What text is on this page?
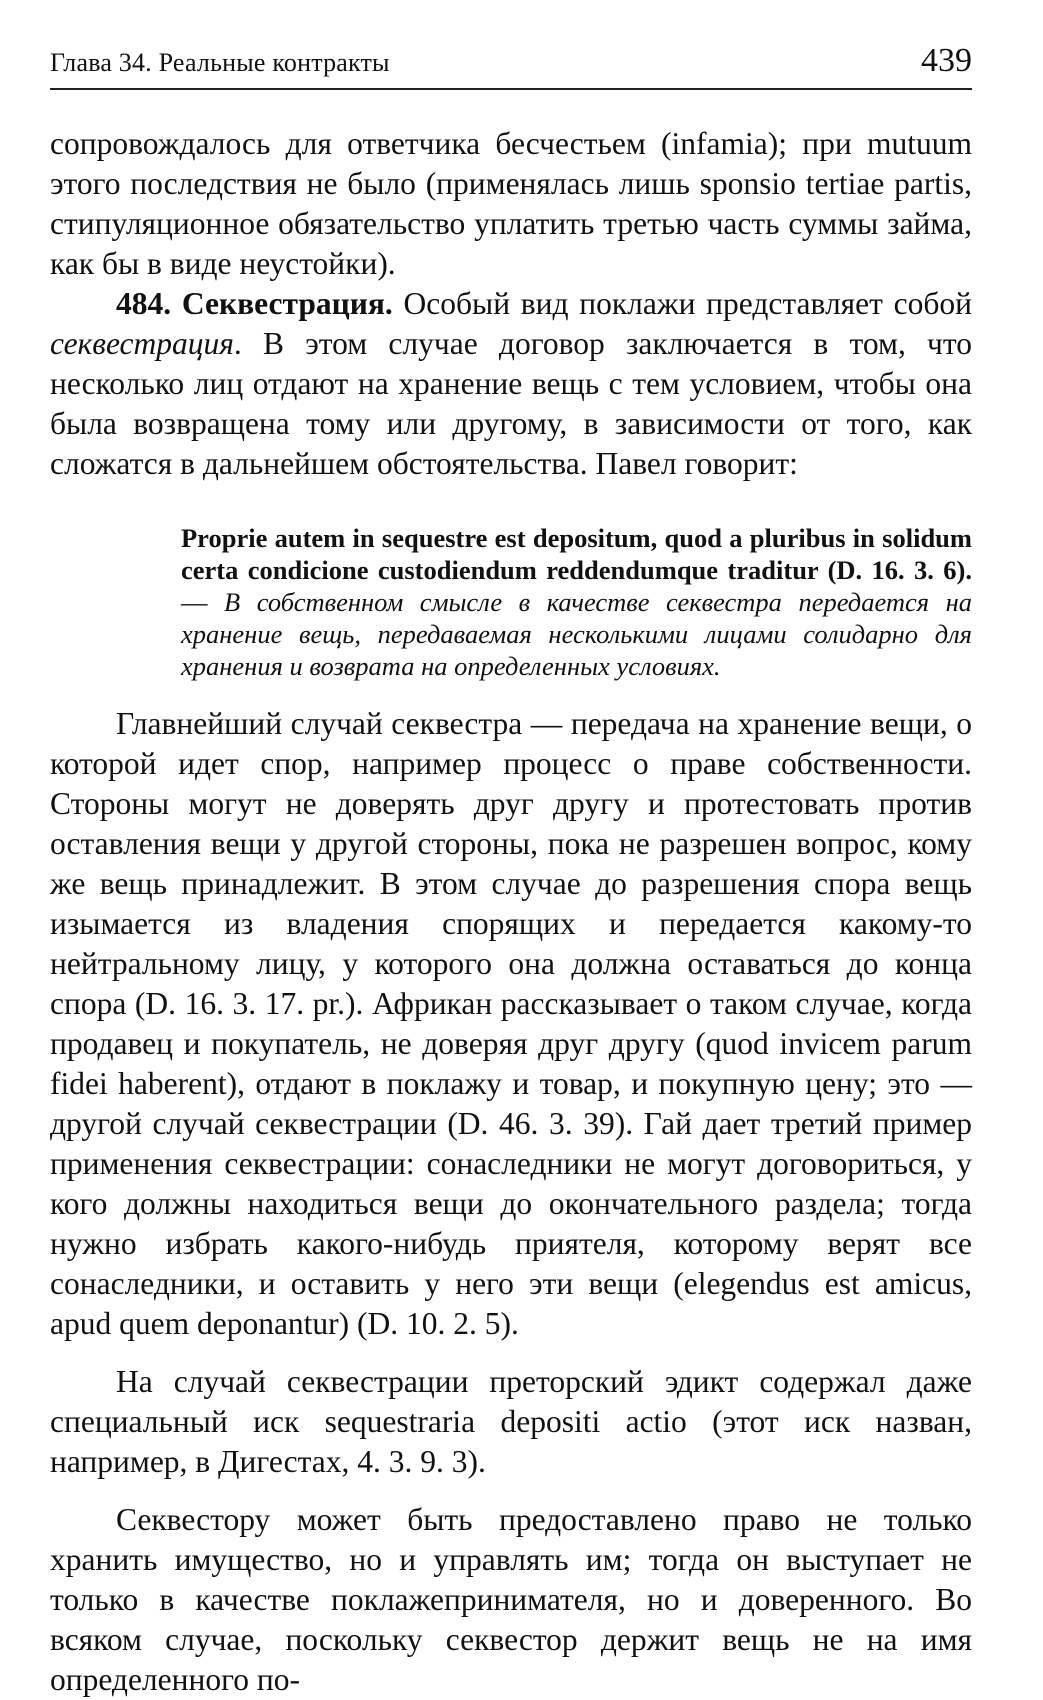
Глава 34. Реальные контракты	439

сопровождалось для ответчика бесчестьем (infamia); при mutuum этого последствия не было (применялась лишь sponsio tertiae partis, стипуляционное обязательство уплатить третью часть суммы займа, как бы в виде неустойки).

484. Секвестрация. Особый вид поклажи представляет собой секвестрация. В этом случае договор заключается в том, что несколько лиц отдают на хранение вещь с тем условием, чтобы она была возвращена тому или другому, в зависимости от того, как сложатся в дальнейшем обстоятельства. Павел говорит:

Proprie autem in sequestre est depositum, quod a pluribus in solidum certa condicione custodiendum reddendumque traditur (D. 16. 3. 6). — В собственном смысле в качестве секвестра передается на хранение вещь, передаваемая несколькими лицами солидарно для хранения и возврата на определенных условиях.

Главнейший случай секвестра — передача на хранение вещи, о которой идет спор, например процесс о праве собственности. Стороны могут не доверять друг другу и протестовать против оставления вещи у другой стороны, пока не разрешен вопрос, кому же вещь принадлежит. В этом случае до разрешения спора вещь изымается из владения спорящих и передается какому-то нейтральному лицу, у которого она должна оставаться до конца спора (D. 16. 3. 17. pr.). Африкан рассказывает о таком случае, когда продавец и покупатель, не доверяя друг другу (quod invicem parum fidei haberent), отдают в поклажу и товар, и покупную цену; это — другой случай секвестрации (D. 46. 3. 39). Гай дает третий пример применения секвестрации: сонаследники не могут договориться, у кого должны находиться вещи до окончательного раздела; тогда нужно избрать какого-нибудь приятеля, которому верят все сонаследники, и оставить у него эти вещи (elegendus est amicus, apud quem deponantur) (D. 10. 2. 5).

На случай секвестрации преторский эдикт содержал даже специальный иск sequestraria depositi actio (этот иск назван, например, в Дигестах, 4. 3. 9. 3).

Секвестору может быть предоставлено право не только хранить имущество, но и управлять им; тогда он выступает не только в качестве поклажепринимателя, но и доверенного. Во всяком случае, поскольку секвестор держит вещь не на имя определенного по-
